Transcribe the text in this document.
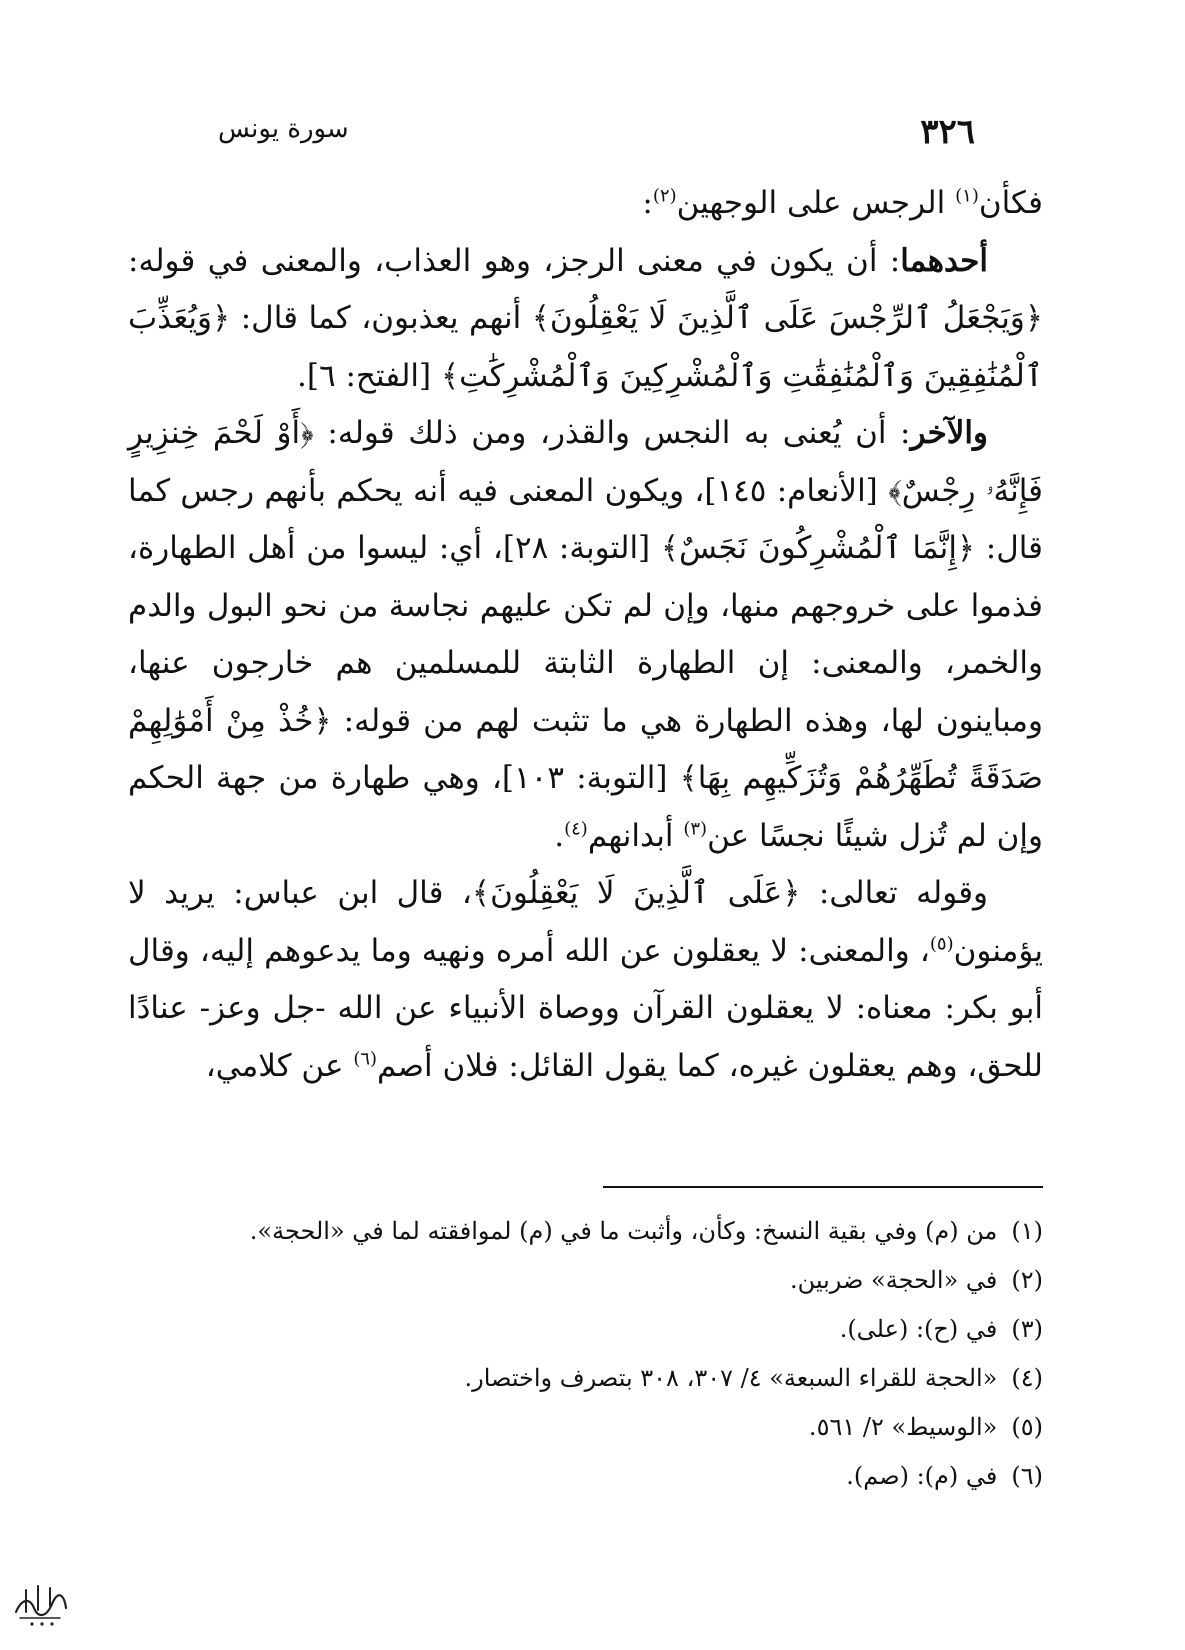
٣٢٦
سورة يونس

فكأن$^{(١)}$ الرجس على الوجهين$^{(٢)}$:

أحدهما: أن يكون في معنى الرجز، وهو العذاب، والمعنى في قوله: ﴿وَيَجْعَلُ ٱلرِّجْسَ عَلَى ٱلَّذِينَ لَا يَعْقِلُونَ﴾ أنهم يعذبون، كما قال: ﴿وَيُعَذِّبَ ٱلْمُنَٰفِقِينَ وَٱلْمُنَٰفِقَٰتِ وَٱلْمُشْرِكِينَ وَٱلْمُشْرِكَٰتِ﴾ [الفتح: ٦].

والآخر: أن يُعنى به النجس والقذر، ومن ذلك قوله: ﴿أَوْ لَحْمَ خِنزِيرٍ فَإِنَّهُۥ رِجْسٌ﴾ [الأنعام: ١٤٥]، ويكون المعنى فيه أنه يحكم بأنهم رجس كما قال: ﴿إِنَّمَا ٱلْمُشْرِكُونَ نَجَسٌ﴾ [التوبة: ٢٨]، أي: ليسوا من أهل الطهارة، فذموا على خروجهم منها، وإن لم تكن عليهم نجاسة من نحو البول والدم والخمر، والمعنى: إن الطهارة الثابتة للمسلمين هم خارجون عنها، ومباينون لها، وهذه الطهارة هي ما تثبت لهم من قوله: ﴿خُذْ مِنْ أَمْوَٰلِهِمْ صَدَقَةً تُطَهِّرُهُمْ وَتُزَكِّيهِم بِهَا﴾ [التوبة: ١٠٣]، وهي طهارة من جهة الحكم وإن لم تُزل شيئًا نجسًا عن$^{(٣)}$ أبدانهم$^{(٤)}$.

وقوله تعالى: ﴿عَلَى ٱلَّذِينَ لَا يَعْقِلُونَ﴾، قال ابن عباس: يريد لا يؤمنون$^{(٥)}$، والمعنى: لا يعقلون عن الله أمره ونهيه وما يدعوهم إليه، وقال أبو بكر: معناه: لا يعقلون القرآن ووصاة الأنبياء عن الله -جل وعز- عنادًا للحق، وهم يعقلون غيره، كما يقول القائل: فلان أصم$^{(٦)}$ عن كلامي،

(١) من (م) وفي بقية النسخ: وكأن، وأثبت ما في (م) لموافقته لما في «الحجة».
(٢) في «الحجة» ضربين.
(٣) في (ح): (على).
(٤) «الحجة للقراء السبعة» ٤/ ٣٠٧، ٣٠٨ بتصرف واختصار.
(٥) «الوسيط» ٢/ ٥٦١.
(٦) في (م): (صم).
